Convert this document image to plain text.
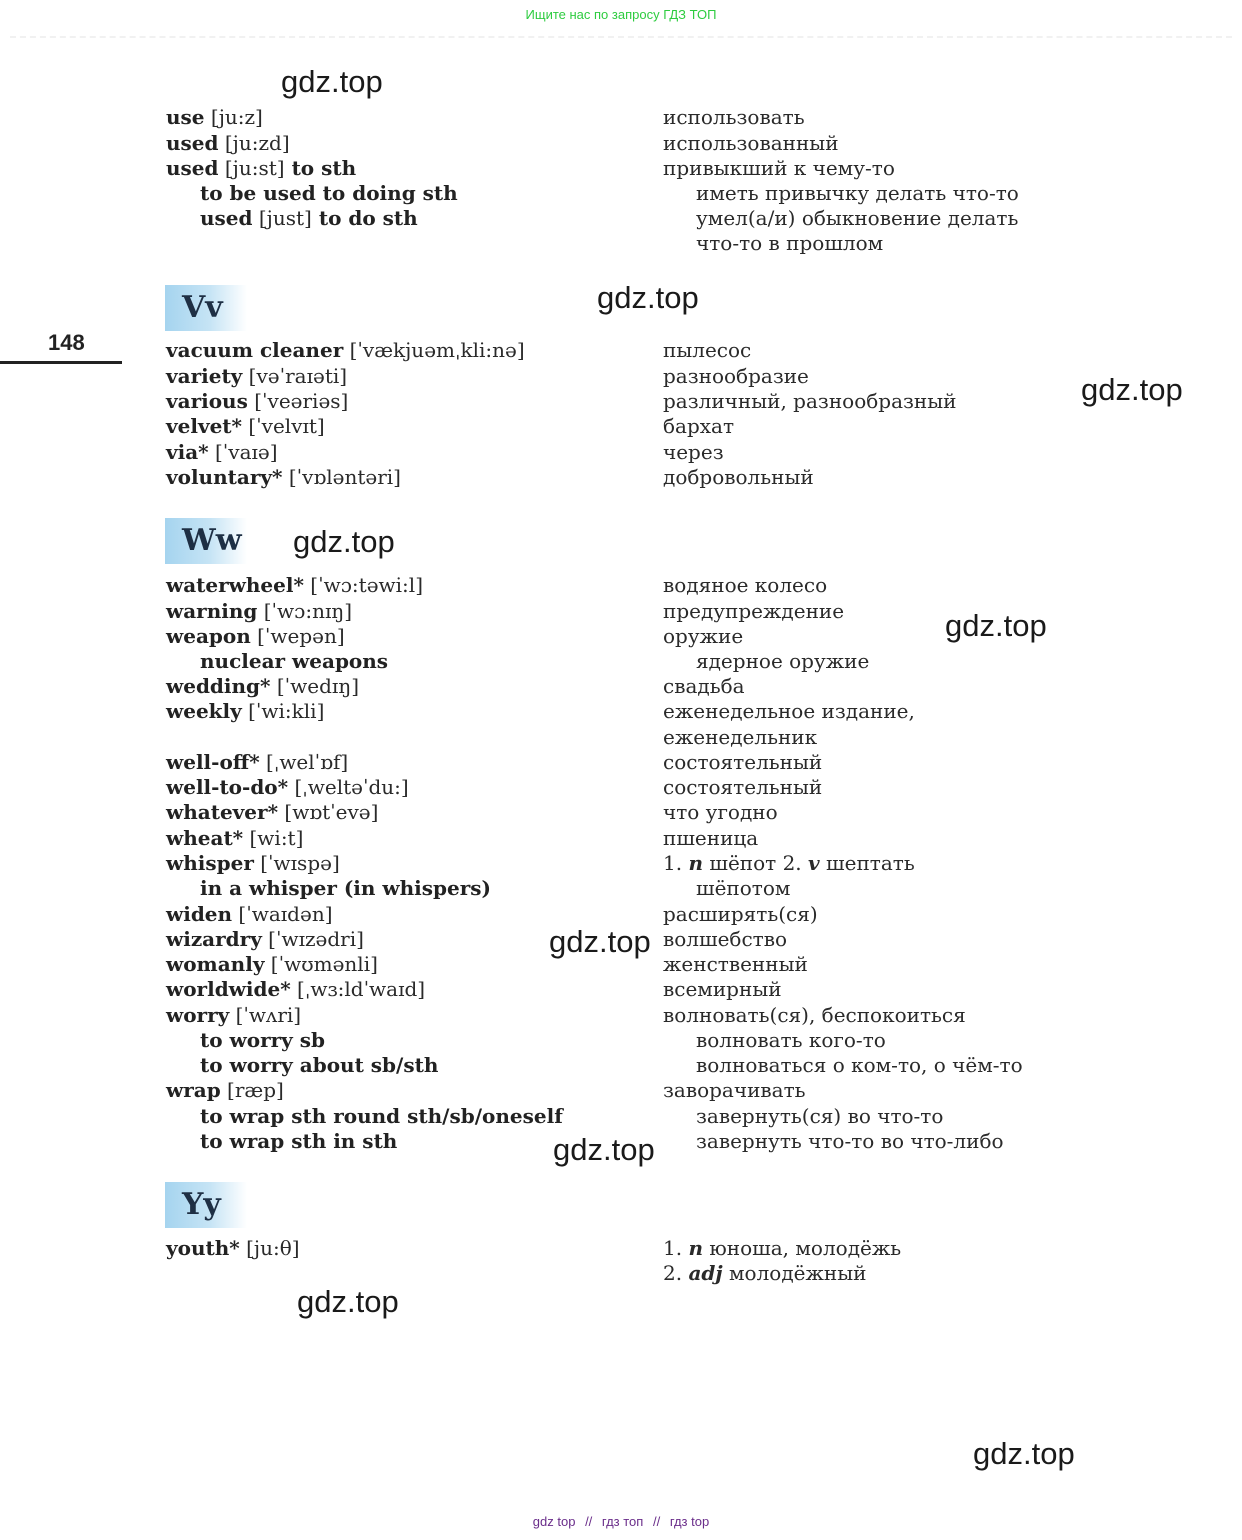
Ищите нас по запросу ГДЗ ТОП
148
gdz.top
gdz.top
gdz.top
gdz.top
gdz.top
gdz.top
gdz.top
gdz.top
gdz.top
use [ju:z]	использовать
used [ju:zd]	использованный
used [ju:st] to sth	привыкший к чему-то
to be used to doing sth	иметь привычку делать что-то
used [just] to do sth	умел(а/и) обыкновение делать
что-то в прошлом
Vv
vacuum cleaner [ˈvækjuəmˌkli:nə]	пылесос
variety [vəˈraɪəti]	разнообразие
various [ˈveəriəs]	различный, разнообразный
velvet* [ˈvelvɪt]	бархат
via* [ˈvaɪə]	через
voluntary* [ˈvɒləntəri]	добровольный
Ww
waterwheel* [ˈwɔ:təwi:l]	водяное колесо
warning [ˈwɔ:nɪŋ]	предупреждение
weapon [ˈwepən]	оружие
nuclear weapons	ядерное оружие
wedding* [ˈwedɪŋ]	свадьба
weekly [ˈwi:kli]	еженедельное издание,
еженедельник
well-off* [ˌwelˈɒf]	состоятельный
well-to-do* [ˌweltəˈdu:]	состоятельный
whatever* [wɒtˈevə]	что угодно
wheat* [wi:t]	пшеница
whisper [ˈwɪspə]	1. n шёпот 2. v шептать
in a whisper (in whispers)	шёпотом
widen [ˈwaɪdən]	расширять(ся)
wizardry [ˈwɪzədri]	волшебство
womanly [ˈwʊmənli]	женственный
worldwide* [ˌwɜ:ldˈwaɪd]	всемирный
worry [ˈwʌri]	волновать(ся), беспокоиться
to worry sb	волновать кого-то
to worry about sb/sth	волноваться о ком-то, о чём-то
wrap [ræp]	заворачивать
to wrap sth round sth/sb/oneself	завернуть(ся) во что-то
to wrap sth in sth	завернуть что-то во что-либо
Yy
youth* [ju:θ]	1. n юноша, молодёжь
2. adj молодёжный
gdz top // гдз топ // гдз top
